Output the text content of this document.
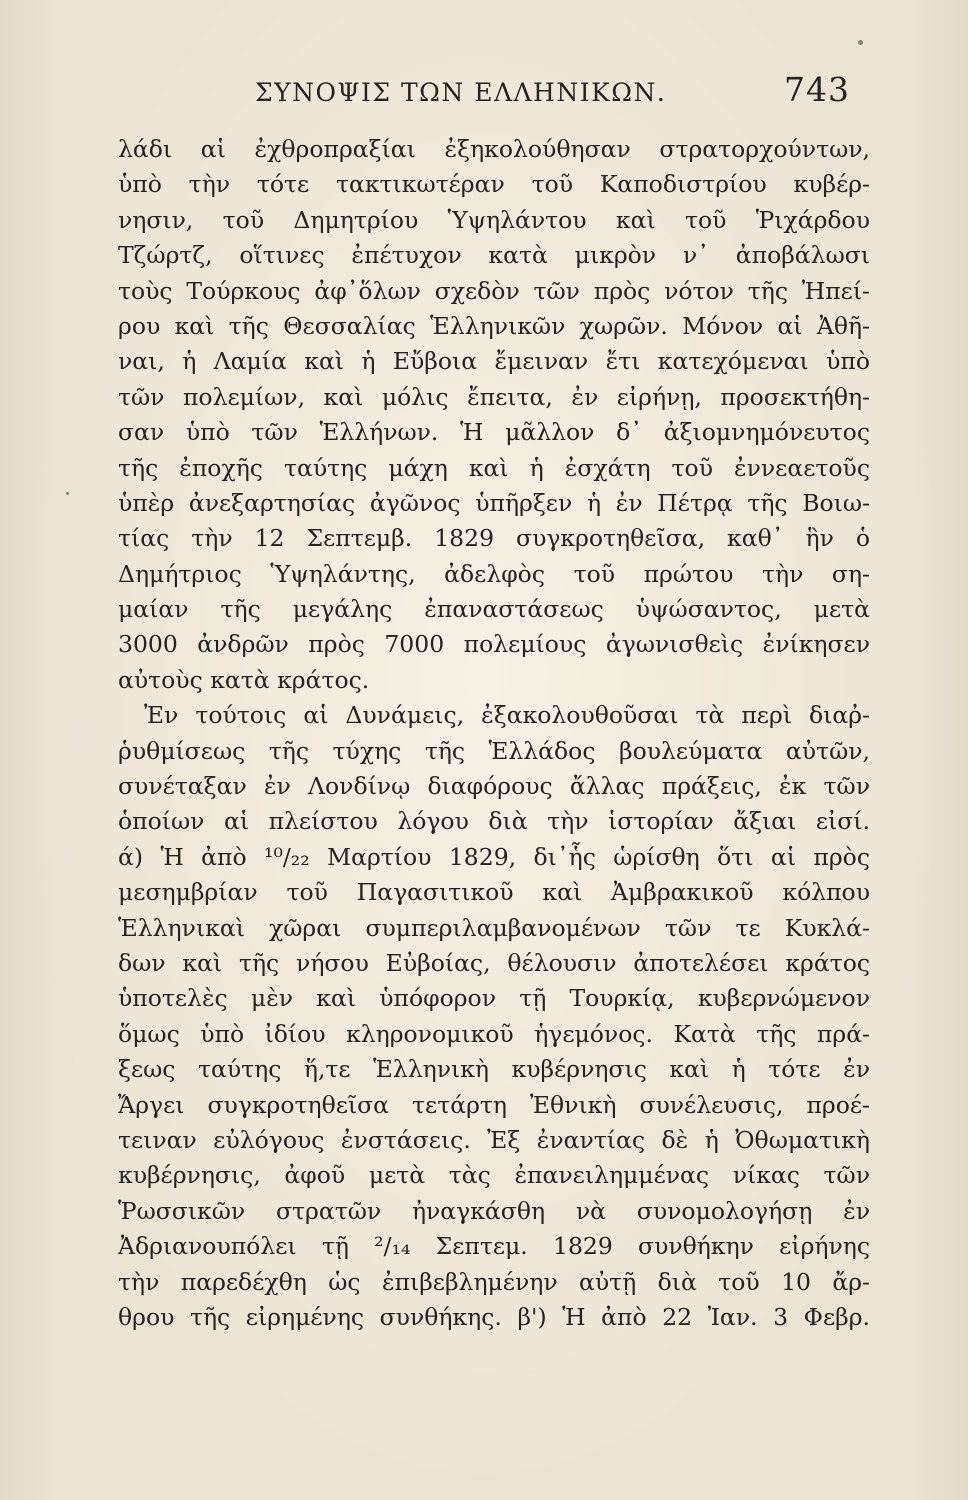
ΣΥΝΟΨΙΣ ΤΩΝ ΕΛΛΗΝΙΚΩΝ.	743
λάδι αἱ ἐχθροπραξίαι ἐξηκολούθησαν στρατορχούντων,
ὑπὸ τὴν τότε τακτικωτέραν τοῦ Καποδιστρίου κυβέρ-
νησιν, τοῦ Δημητρίου Ὑψηλάντου καὶ τοῦ Ῥιχάρδου
Τζώρτζ, οἵτινες ἐπέτυχον κατὰ μικρὸν ν᾽ ἀποβάλωσι
τοὺς Τούρκους ἀφ᾽ὅλων σχεδὸν τῶν πρὸς νότον τῆς Ἠπεί-
ρου καὶ τῆς Θεσσαλίας Ἑλληνικῶν χωρῶν. Μόνον αἱ Ἀθῆ-
ναι, ἡ Λαμία καὶ ἡ Εὔβοια ἔμειναν ἔτι κατεχόμεναι ὑπὸ
τῶν πολεμίων, καὶ μόλις ἔπειτα, ἐν εἰρήνῃ, προσεκτήθη-
σαν ὑπὸ τῶν Ἑλλήνων. Ἡ μᾶλλον δ᾽ ἀξιομνημόνευτος
τῆς ἐποχῆς ταύτης μάχη καὶ ἡ ἐσχάτη τοῦ ἐννεαετοῦς
ὑπὲρ ἀνεξαρτησίας ἀγῶνος ὑπῆρξεν ἡ ἐν Πέτρᾳ τῆς Βοιω-
τίας τὴν 12 Σεπτεμβ. 1829 συγκροτηθεῖσα, καθ᾽ ἣν ὁ
Δημήτριος Ὑψηλάντης, ἀδελφὸς τοῦ πρώτου τὴν ση-
μαίαν τῆς μεγάλης ἐπαναστάσεως ὑψώσαντος, μετὰ
3000 ἀνδρῶν πρὸς 7000 πολεμίους ἀγωνισθεὶς ἐνίκησεν
αὐτοὺς κατὰ κράτος.
Ἐν τούτοις αἱ Δυνάμεις, ἐξακολουθοῦσαι τὰ περὶ διαῤ-
ῥυθμίσεως τῆς τύχης τῆς Ἑλλάδος βουλεύματα αὐτῶν,
συνέταξαν ἐν Λονδίνῳ διαφόρους ἄλλας πράξεις, ἐκ τῶν
ὁποίων αἱ πλείστου λόγου διὰ τὴν ἱστορίαν ἄξιαι εἰσί.
ά) Ἡ ἀπὸ ¹⁰/₂₂ Μαρτίου 1829, δι᾽ἧς ὡρίσθη ὅτι αἱ πρὸς
μεσημβρίαν τοῦ Παγασιτικοῦ καὶ Ἀμβρακικοῦ κόλπου
Ἑλληνικαὶ χῶραι συμπεριλαμβανομένων τῶν τε Κυκλά-
δων καὶ τῆς νήσου Εὐβοίας, θέλουσιν ἀποτελέσει κράτος
ὑποτελὲς μὲν καὶ ὑπόφορον τῇ Τουρκίᾳ, κυβερνώμενον
ὅμως ὑπὸ ἰδίου κληρονομικοῦ ἡγεμόνος. Κατὰ τῆς πρά-
ξεως ταύτης ἥ,τε Ἑλληνικὴ κυβέρνησις καὶ ἡ τότε ἐν
Ἄργει συγκροτηθεῖσα τετάρτη Ἐθνικὴ συνέλευσις, προέ-
τειναν εὐλόγους ἐνστάσεις. Ἐξ ἐναντίας δὲ ἡ Ὀθωματικὴ
κυβέρνησις, ἀφοῦ μετὰ τὰς ἐπανειλημμένας νίκας τῶν
Ῥωσσικῶν στρατῶν ἠναγκάσθη νὰ συνομολογήσῃ ἐν
Ἀδριανουπόλει τῇ ²/₁₄ Σεπτεμ. 1829 συνθήκην εἰρήνης
τὴν παρεδέχθη ὡς ἐπιβεβλημένην αὐτῇ διὰ τοῦ 10 ἄρ-
θρου τῆς εἰρημένης συνθήκης. β') Ἡ ἀπὸ 22 Ἰαν. 3 Φεβρ.
